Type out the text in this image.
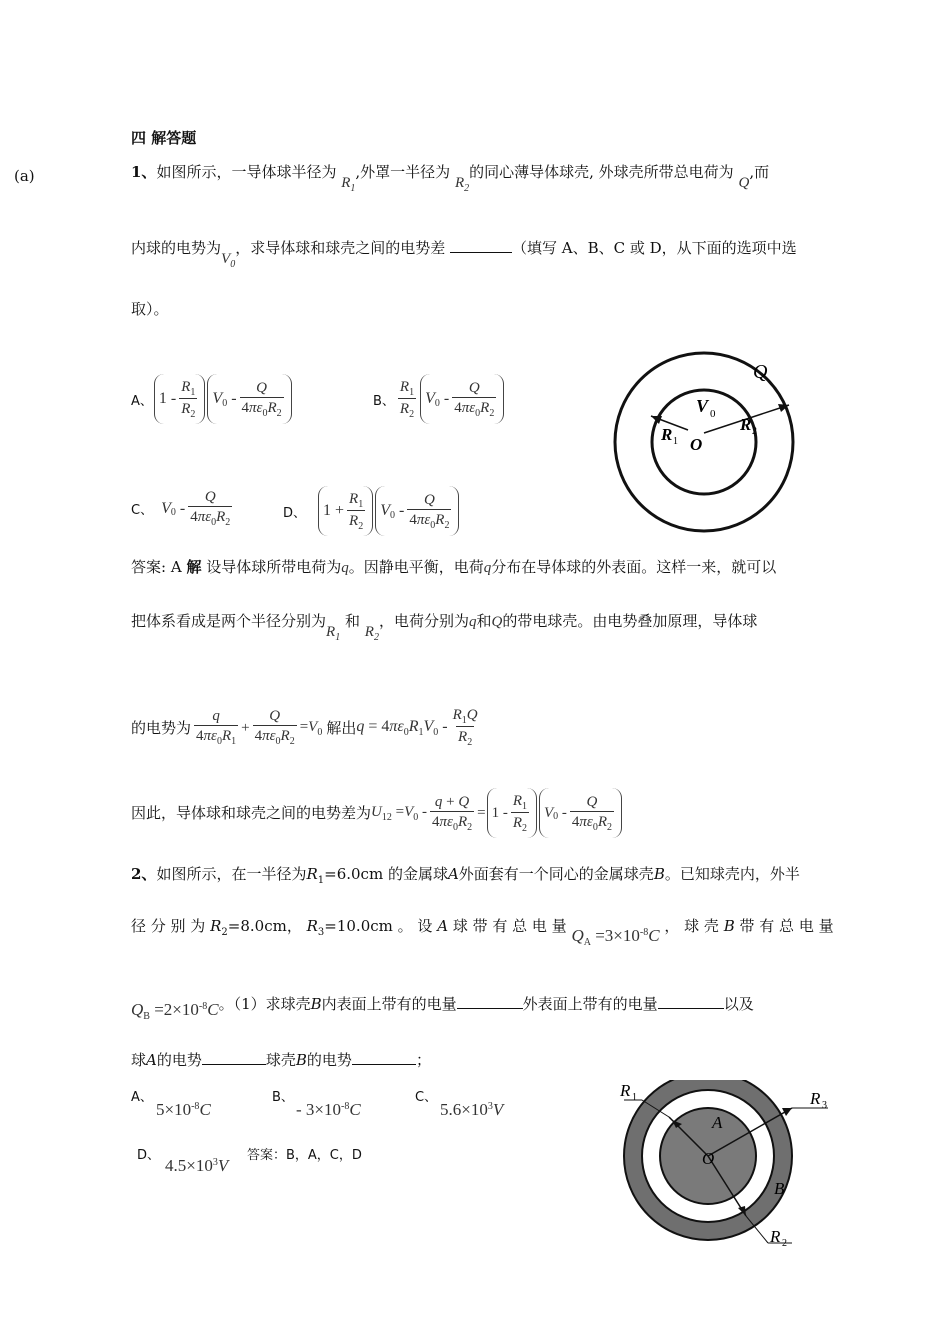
(a)
四 解答题
1、如图所示，一导体球半径为 $R_1$,外罩一半径为 $R_2$的同心薄导体球壳, 外球壳所带总电荷为 Q,而
内球的电势为$V_0$，求导体球和球壳之间的电势差	（填写 A、B、C 或 D，从下面的选项中选
取）。
A、 $1 - \frac{R_1}{R_2}$ V $0 - \frac{Q}{4\pi\varepsilon_0R_2}$	B、 $\frac{R_1}{R_2}$ V $0 - \frac{Q}{4\pi\varepsilon_0R_2}$
C、 V $0 - \frac{Q}{4\pi\varepsilon_0R_2}$	D、 $1 + \frac{R_1}{R_2}$ V $0 - \frac{Q}{4\pi\varepsilon_0R_2}$
Q
V 0
R 1
R 2
O
答案: A 解 设导体球所带电荷为q。因静电平衡，电荷q分布在导体球的外表面。这样一来，就可以
把体系看成是两个半径分别为$R_1$ 和 $R_2$，电荷分别为q和Q的带电球壳。由电势叠加原理，导体球
的电势为 $\frac{q}{4\pi\varepsilon_0R_1} + \frac{Q}{4\pi\varepsilon_0R_2} =V_0$ 解出 $q = 4\pi\varepsilon_0R_1V_0 - \frac{R_1Q}{R_2}$
因此，导体球和球壳之间的电势差为 $U_{12} =V_0 - \frac{q + Q}{4\pi\varepsilon_0R_2} = 1 - \frac{R_1}{R_2}$ V $0 - \frac{Q}{4\pi\varepsilon_0R_2}$
2、如图所示，在一半径为$R_1=6.0cm$ 的金属球A外面套有一个同心的金属球壳B。已知球壳内，外半
径 分 别 为 $R_2=8.0cm$， $R_3=10.0cm$ 。 设 A 球 带 有 总 电 量 $Q_A =3\times 10^{-8}C$ ， 球 壳 B 带 有 总 电 量
$Q_B =2\times 10^{-8}C$。（1）求球壳B内表面上带有的电量	外表面上带有的电量	以及
球A的电势	球壳B的电势	；
A、
$5\times 10^{-8}C$
B、
- $3\times 10^{-8}C$
C、
$5.6\times 10^3V$
D、
$4.5\times 10^3V$
答案：B，A，C，D
R 1	R 3
R 2
A
O
B
